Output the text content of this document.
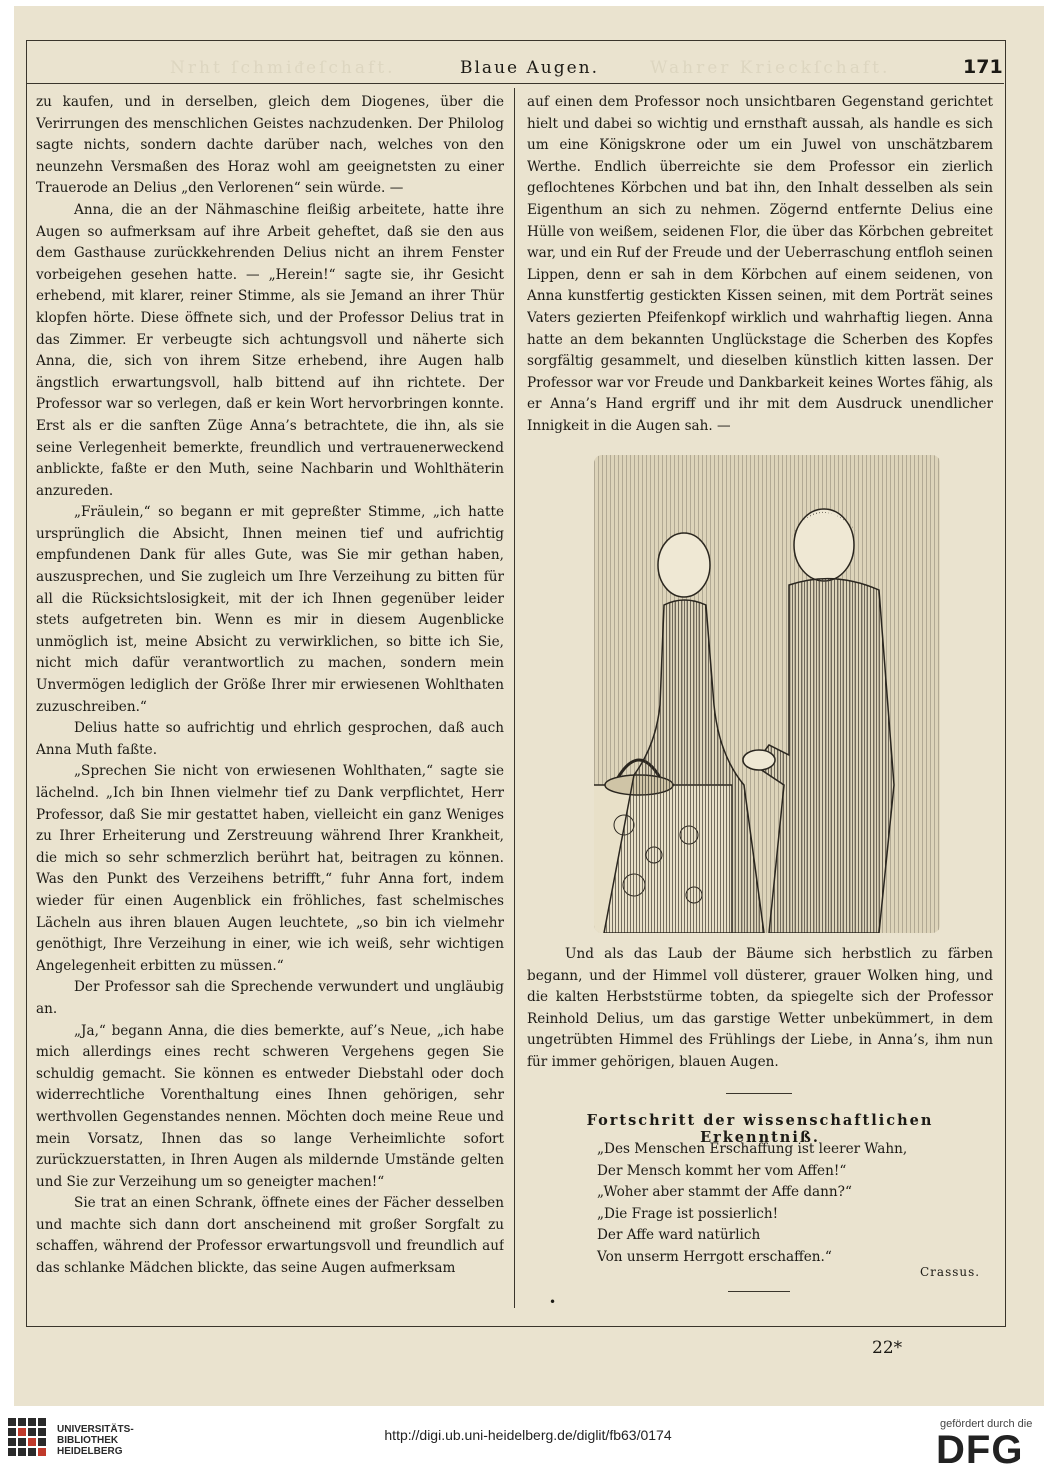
Nrht ſchmiᵭeſchaft.	Wahrer Krieckſchaft.
Blaue Augen.	171

zu kaufen, und in derselben, gleich dem Diogenes, über die Verirrungen des menschlichen Geistes nachzudenken. Der Philolog sagte nichts, sondern dachte darüber nach, welches von den neunzehn Versmaßen des Horaz wohl am geeignetsten zu einer Trauerode an Delius „den Verlorenen“ sein würde. —

Anna, die an der Nähmaschine fleißig arbeitete, hatte ihre Augen so aufmerksam auf ihre Arbeit geheftet, daß sie den aus dem Gasthause zurückkehrenden Delius nicht an ihrem Fenster vorbeigehen gesehen hatte. — „Herein!“ sagte sie, ihr Gesicht erhebend, mit klarer, reiner Stimme, als sie Jemand an ihrer Thür klopfen hörte. Diese öffnete sich, und der Professor Delius trat in das Zimmer. Er verbeugte sich achtungsvoll und näherte sich Anna, die, sich von ihrem Sitze erhebend, ihre Augen halb ängstlich erwartungsvoll, halb bittend auf ihn richtete. Der Professor war so verlegen, daß er kein Wort hervorbringen konnte. Erst als er die sanften Züge Anna’s betrachtete, die ihn, als sie seine Verlegenheit bemerkte, freundlich und vertrauenerweckend anblickte, faßte er den Muth, seine Nachbarin und Wohlthäterin anzureden.

„Fräulein,“ so begann er mit gepreßter Stimme, „ich hatte ursprünglich die Absicht, Ihnen meinen tief und aufrichtig empfundenen Dank für alles Gute, was Sie mir gethan haben, auszusprechen, und Sie zugleich um Ihre Verzeihung zu bitten für all die Rücksichtslosigkeit, mit der ich Ihnen gegenüber leider stets aufgetreten bin. Wenn es mir in diesem Augenblicke unmöglich ist, meine Absicht zu verwirklichen, so bitte ich Sie, nicht mich dafür verantwortlich zu machen, sondern mein Unvermögen lediglich der Größe Ihrer mir erwiesenen Wohlthaten zuzuschreiben.“

Delius hatte so aufrichtig und ehrlich gesprochen, daß auch Anna Muth faßte.

„Sprechen Sie nicht von erwiesenen Wohlthaten,“ sagte sie lächelnd. „Ich bin Ihnen vielmehr tief zu Dank verpflichtet, Herr Professor, daß Sie mir gestattet haben, vielleicht ein ganz Weniges zu Ihrer Erheiterung und Zerstreuung während Ihrer Krankheit, die mich so sehr schmerzlich berührt hat, beitragen zu können. Was den Punkt des Verzeihens betrifft,“ fuhr Anna fort, indem wieder für einen Augenblick ein fröhliches, fast schelmisches Lächeln aus ihren blauen Augen leuchtete, „so bin ich vielmehr genöthigt, Ihre Verzeihung in einer, wie ich weiß, sehr wichtigen Angelegenheit erbitten zu müssen.“

Der Professor sah die Sprechende verwundert und ungläubig an.

„Ja,“ begann Anna, die dies bemerkte, auf’s Neue, „ich habe mich allerdings eines recht schweren Vergehens gegen Sie schuldig gemacht. Sie können es entweder Diebstahl oder doch widerrechtliche Vorenthaltung eines Ihnen gehörigen, sehr werthvollen Gegenstandes nennen. Möchten doch meine Reue und mein Vorsatz, Ihnen das so lange Verheimlichte sofort zurückzuerstatten, in Ihren Augen als mildernde Umstände gelten und Sie zur Verzeihung um so geneigter machen!“

Sie trat an einen Schrank, öffnete eines der Fächer desselben und machte sich dann dort anscheinend mit großer Sorgfalt zu schaffen, während der Professor erwartungsvoll und freundlich auf das schlanke Mädchen blickte, das seine Augen aufmerksam

auf einen dem Professor noch unsichtbaren Gegenstand gerichtet hielt und dabei so wichtig und ernsthaft aussah, als handle es sich um eine Königskrone oder um ein Juwel von unschätzbarem Werthe. Endlich überreichte sie dem Professor ein zierlich geflochtenes Körbchen und bat ihn, den Inhalt desselben als sein Eigenthum an sich zu nehmen. Zögernd entfernte Delius eine Hülle von weißem, seidenen Flor, die über das Körbchen gebreitet war, und ein Ruf der Freude und der Ueberraschung entfloh seinen Lippen, denn er sah in dem Körbchen auf einem seidenen, von Anna kunstfertig gestickten Kissen seinen, mit dem Porträt seines Vaters gezierten Pfeifenkopf wirklich und wahrhaftig liegen. Anna hatte an dem bekannten Unglückstage die Scherben des Kopfes sorgfältig gesammelt, und dieselben künstlich kitten lassen. Der Professor war vor Freude und Dankbarkeit keines Wortes fähig, als er Anna’s Hand ergriff und ihr mit dem Ausdruck unendlicher Innigkeit in die Augen sah. —

Und als das Laub der Bäume sich herbstlich zu färben begann, und der Himmel voll düsterer, grauer Wolken hing, und die kalten Herbststürme tobten, da spiegelte sich der Professor Reinhold Delius, um das garstige Wetter unbekümmert, in dem ungetrübten Himmel des Frühlings der Liebe, in Anna’s, ihm nun für immer gehörigen, blauen Augen.

Fortschritt der wissenschaftlichen Erkenntniß.
„Des Menschen Erschaffung ist leerer Wahn,
Der Mensch kommt her vom Affen!“
„Woher aber stammt der Affe dann?“
„Die Frage ist possierlich!
Der Affe ward natürlich
Von unserm Herrgott erschaffen.“
Crassus.
•
22*
UNIVERSITÄTS-
BIBLIOTHEK
HEIDELBERG
http://digi.ub.uni-heidelberg.de/diglit/fb63/0174
gefördert durch die
DFG
